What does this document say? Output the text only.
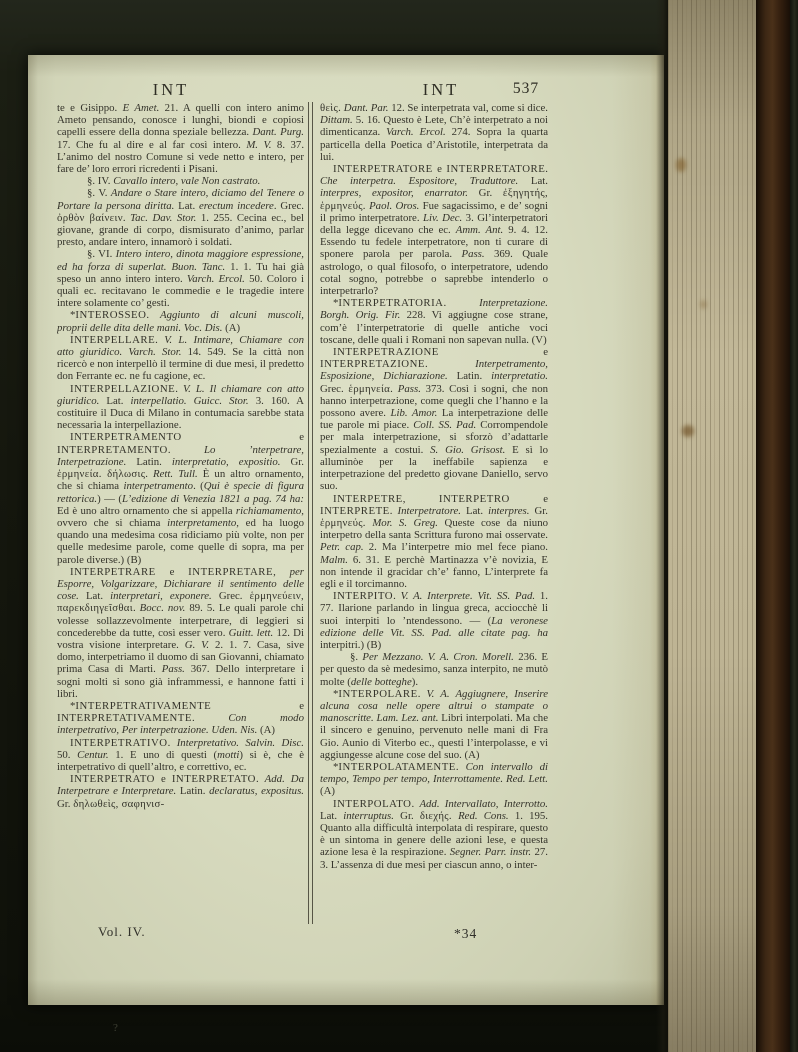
INT	INT	537

te e Gisippo. E Amet. 21. A quelli con intero animo Ameto pensando, conosce i lunghi, biondi e copiosi capelli essere della donna speziale bellezza. Dant. Purg. 17. Che fu al dire e al far così intero. M. V. 8. 37. L’animo del nostro Comune si vede netto e intero, per fare de’ loro errori ricredenti i Pisani.

§. IV. Cavallo intero, vale Non castrato.

§. V. Andare o Stare intero, diciamo del Tenere o Portare la persona diritta. Lat. erectum incedere. Grec. ὀρθὸν βαίνειν. Tac. Dav. Stor. 1. 255. Cecina ec., bel giovane, grande di corpo, dismisurato d’animo, parlar presto, andare intero, innamorò i soldati.

§. VI. Intero intero, dinota maggiore espressione, ed ha forza di superlat. Buon. Tanc. 1. 1. Tu hai già speso un anno intero intero. Varch. Ercol. 50. Coloro i quali ec. recitavano le commedie e le tragedie intere intere solamente co’ gesti.

*INTEROSSEO. Aggiunto di alcuni muscoli, proprii delle dita delle mani. Voc. Dis. (A)

INTERPELLARE. V. L. Intimare, Chiamare con atto giuridico. Varch. Stor. 14. 549. Se la città non ricercò e non interpellò il termine di due mesi, il predetto don Ferrante ec. ne fu cagione, ec.

INTERPELLAZIONE. V. L. Il chiamare con atto giuridico. Lat. interpellatio. Guicc. Stor. 3. 160. A costituire il Duca di Milano in contumacia sarebbe stata necessaria la interpellazione.

INTERPETRAMENTO e INTERPRETAMENTO. Lo ’nterpetrare, Interpetrazione. Latin. interpretatio, expositio. Gr. ἑρμηνεία. δήλωσις. Rett. Tull. È un altro ornamento, che si chiama interpetramento. (Qui è specie di figura rettorica.) — (L’edizione di Venezia 1821 a pag. 74 ha: Ed è uno altro ornamento che si appella richiamamento, ovvero che si chiama interpretamento, ed ha luogo quando una medesima cosa ridiciamo più volte, non per quelle medesime parole, come quelle di sopra, ma per parole diverse.) (B)

INTERPETRARE e INTERPRETARE, per Esporre, Volgarizzare, Dichiarare il sentimento delle cose. Lat. interpretari, exponere. Grec. ἑρμηνεύειν, παρεκδιηγεῖσθαι. Bocc. nov. 89. 5. Le quali parole chi volesse sollazzevolmente interpetrare, di leggieri si concederebbe da tutte, così esser vero. Guitt. lett. 12. Di vostra visione interpretare. G. V. 2. 1. 7. Casa, sive domo, interpetriamo il duomo di san Giovanni, chiamato prima Casa di Marti. Pass. 367. Dello interpretare i sogni molti si sono già inframmessi, e hannone fatti i libri.

*INTERPETRATIVAMENTE e INTERPRETATIVAMENTE. Con modo interpetrativo, Per interpetrazione. Uden. Nis. (A)

INTERPETRATIVO. Interpretativo. Salvin. Disc. 50. Centur. 1. E uno di questi (motti) si è, che è interpetrativo di quell’altro, e correttivo, ec.

INTERPETRATO e INTERPRETATO. Add. Da Interpetrare e Interpretare. Latin. declaratus, expositus. Gr. δηλωθεὶς, σαφηνισ-

θεὶς. Dant. Par. 12. Se interpetrata val, come si dice. Dittam. 5. 16. Questo è Lete, Ch’è interpetrato a noi dimenticanza. Varch. Ercol. 274. Sopra la quarta particella della Poetica d’Aristotile, interpetrata da lui.

INTERPETRATORE e INTERPRETATORE. Che interpetra. Espositore, Traduttore. Lat. interpres, expositor, enarrator. Gr. ἐξηγητής, ἑρμηνεύς. Paol. Oros. Fue sagacissimo, e de’ sogni il primo interpetratore. Liv. Dec. 3. Gl’interpetratori della legge dicevano che ec. Amm. Ant. 9. 4. 12. Essendo tu fedele interpetratore, non ti curare di sponere parola per parola. Pass. 369. Quale astrologo, o qual filosofo, o interpetratore, udendo cotal sogno, potrebbe o saprebbe intenderlo o interpetrarlo?

*INTERPETRATORIA. Interpretazione. Borgh. Orig. Fir. 228. Vi aggiugne cose strane, com’è l’interpetratorie di quelle antiche voci toscane, delle quali i Romani non sapevan nulla. (V)

INTERPETRAZIONE e INTERPRETAZIONE. Interpetramento, Esposizione, Dichiarazione. Latin. interpretatio. Grec. ἑρμηνεία. Pass. 373. Così i sogni, che non hanno interpetrazione, come quegli che l’hanno e la possono avere. Lib. Amor. La interpetrazione delle tue parole mi piace. Coll. SS. Pad. Corrompendole per mala interpetrazione, si sforzò d’adattarle spezialmente a costui. S. Gio. Grisost. E sì lo alluminòe per la ineffabile sapienza e interpetrazione del predetto giovane Daniello, servo suo.

INTERPETRE, INTERPETRO e INTERPRETE. Interpetratore. Lat. interpres. Gr. ἑρμηνεύς. Mor. S. Greg. Queste cose da niuno interpetro della santa Scrittura furono mai osservate. Petr. cap. 2. Ma l’interpetre mio mel fece piano. Malm. 6. 31. E perchè Martinazza v’è novizia, E non intende il gracidar ch’e’ fanno, L’interprete fa egli e il torcimanno.

INTERPITO. V. A. Interprete. Vit. SS. Pad. 1. 77. Ilarione parlando in lingua greca, acciocchè li suoi interpiti lo ’ntendessono. — (La veronese edizione delle Vit. SS. Pad. alle citate pag. ha interpitri.) (B)

§. Per Mezzano. V. A. Cron. Morell. 236. E per questo da sè medesimo, sanza interpito, ne mutò molte (delle botteghe).

*INTERPOLARE. V. A. Aggiugnere, Inserire alcuna cosa nelle opere altrui o stampate o manoscritte. Lam. Lez. ant. Libri interpolati. Ma che il sincero e genuino, pervenuto nelle mani di Fra Gio. Aunio di Viterbo ec., questi l’interpolasse, e vi aggiungesse alcune cose del suo. (A)

*INTERPOLATAMENTE. Con intervallo di tempo, Tempo per tempo, Interrottamente. Red. Lett. (A)

INTERPOLATO. Add. Intervallato, Interrotto. Lat. interruptus. Gr. διεχής. Red. Cons. 1. 195. Quanto alla difficultà interpolata di respirare, questo è un sintoma in genere delle azioni lese, e questa azione lesa è la respirazione. Segner. Parr. instr. 27. 3. L’assenza di due mesi per ciascun anno, o inter-

Vol. IV.	*34
?
